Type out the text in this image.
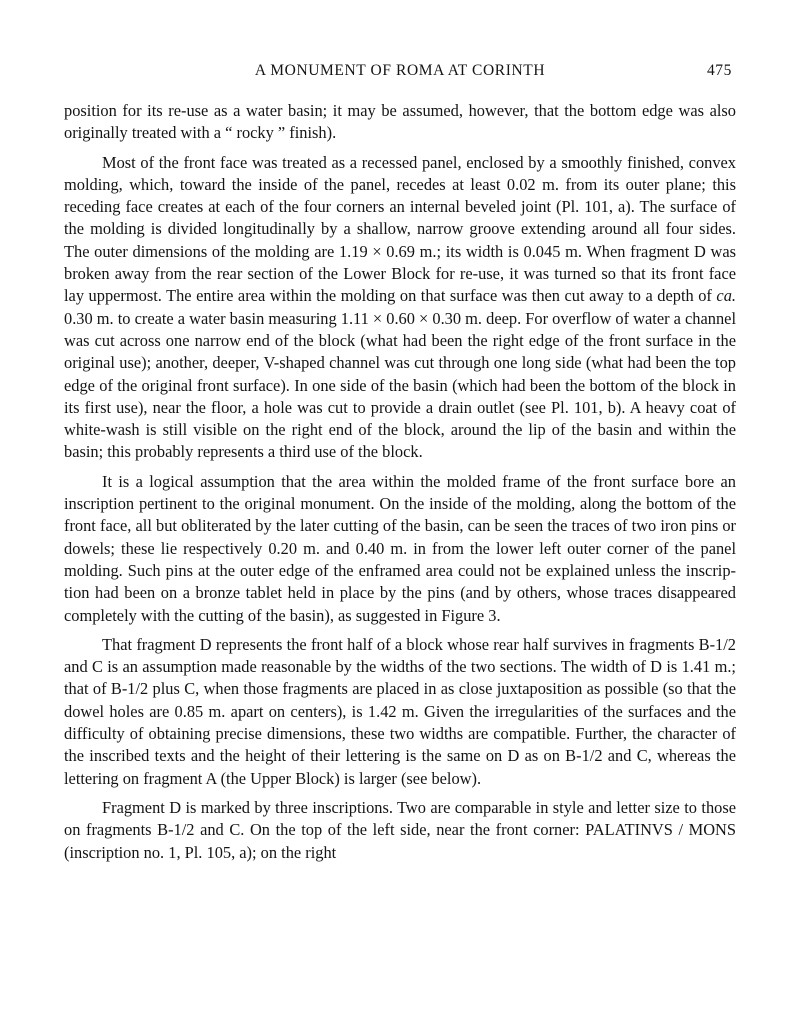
A MONUMENT OF ROMA AT CORINTH	475

position for its re-use as a water basin; it may be assumed, however, that the bottom edge was also originally treated with a “ rocky ” finish).

Most of the front face was treated as a recessed panel, enclosed by a smoothly finished, convex molding, which, toward the inside of the panel, recedes at least 0.02 m. from its outer plane; this receding face creates at each of the four corners an internal beveled joint (Pl. 101, a). The surface of the molding is divided longitudinally by a shallow, narrow groove extending around all four sides. The outer dimensions of the molding are 1.19 × 0.69 m.; its width is 0.045 m. When fragment D was broken away from the rear section of the Lower Block for re-use, it was turned so that its front face lay uppermost. The entire area within the molding on that surface was then cut away to a depth of ca. 0.30 m. to create a water basin measuring 1.11 × 0.60 × 0.30 m. deep. For overflow of water a channel was cut across one narrow end of the block (what had been the right edge of the front surface in the original use); another, deeper, V-shaped channel was cut through one long side (what had been the top edge of the original front surface). In one side of the basin (which had been the bottom of the block in its first use), near the floor, a hole was cut to provide a drain outlet (see Pl. 101, b). A heavy coat of white-wash is still visible on the right end of the block, around the lip of the basin and within the basin; this probably represents a third use of the block.

It is a logical assumption that the area within the molded frame of the front surface bore an inscription pertinent to the original monument. On the inside of the molding, along the bottom of the front face, all but obliterated by the later cutting of the basin, can be seen the traces of two iron pins or dowels; these lie respectively 0.20 m. and 0.40 m. in from the lower left outer corner of the panel molding. Such pins at the outer edge of the enframed area could not be explained unless the inscription had been on a bronze tablet held in place by the pins (and by others, whose traces disappeared completely with the cutting of the basin), as suggested in Figure 3.

That fragment D represents the front half of a block whose rear half survives in fragments B-1/2 and C is an assumption made reasonable by the widths of the two sections. The width of D is 1.41 m.; that of B-1/2 plus C, when those fragments are placed in as close juxtaposition as possible (so that the dowel holes are 0.85 m. apart on centers), is 1.42 m. Given the irregularities of the surfaces and the difficulty of obtaining precise dimensions, these two widths are compatible. Further, the character of the inscribed texts and the height of their lettering is the same on D as on B-1/2 and C, whereas the lettering on fragment A (the Upper Block) is larger (see below).

Fragment D is marked by three inscriptions. Two are comparable in style and letter size to those on fragments B-1/2 and C. On the top of the left side, near the front corner: PALATINVS / MONS (inscription no. 1, Pl. 105, a); on the right
